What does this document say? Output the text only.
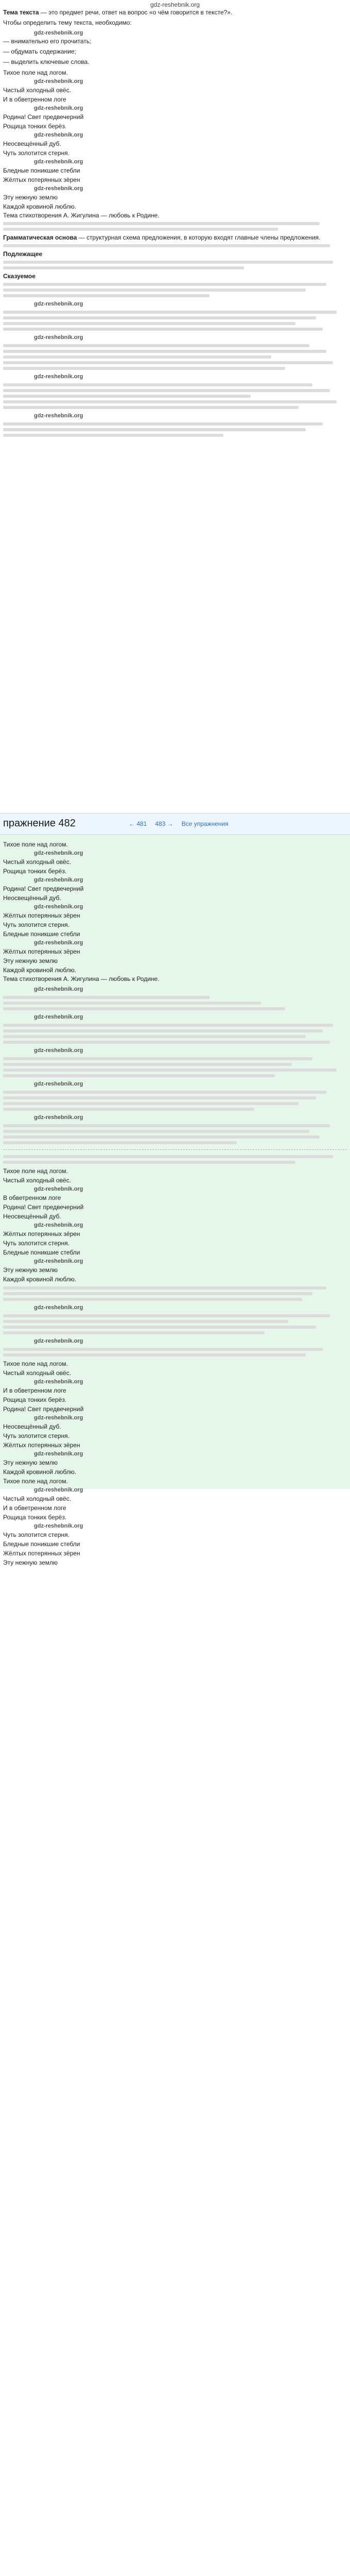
gdz-reshebnik.org

Тема текста — это предмет речи, ответ на вопрос «о чём говорится в тексте?».

Чтобы определить тему текста, необходимо:

gdz-reshebnik.org

— внимательно его прочитать;

— обдумать содержание;

— выделить ключевые слова.

Тихое поле над логом.

gdz-reshebnik.org

Чистый холодный овёс.

И в обветренном логе

gdz-reshebnik.org

Родина! Свет предвечерний

Рощица тонких берёз.

gdz-reshebnik.org

Неосвещённый дуб.

Чуть золотится стерня.

gdz-reshebnik.org

Бледные поникшие стебли

Жёлтых потерянных зёрен

gdz-reshebnik.org

Эту нежную землю

Каждой кровиной люблю.

Тема стихотворения А. Жигулина — любовь к Родине.

Грамматическая основа — структурная схема предложения, в которую входят главные члены предложения.

Подлежащее

Сказуемое

gdz-reshebnik.org
gdz-reshebnik.org
gdz-reshebnik.org
gdz-reshebnik.org
пражнение 482	← 481 483 → Все упражнения

Тихое поле над логом.

gdz-reshebnik.org

Чистый холодный овёс.

Рощица тонких берёз.

gdz-reshebnik.org

Родина! Свет предвечерний

Неосвещённый дуб.

gdz-reshebnik.org

Жёлтых потерянных зёрен

Чуть золотится стерня.

Бледные поникшие стебли

gdz-reshebnik.org

Жёлтых потерянных зёрен

Эту нежную землю

Каждой кровиной люблю.

Тема стихотворения А. Жигулина — любовь к Родине.

gdz-reshebnik.org
gdz-reshebnik.org
gdz-reshebnik.org
gdz-reshebnik.org
gdz-reshebnik.org

Тихое поле над логом.

Чистый холодный овёс.

gdz-reshebnik.org

В обветренном логе

Родина! Свет предвечерний

Неосвещённый дуб.

gdz-reshebnik.org

Жёлтых потерянных зёрен

Чуть золотится стерня.

Бледные поникшие стебли

gdz-reshebnik.org

Эту нежную землю

Каждой кровиной люблю.

gdz-reshebnik.org
gdz-reshebnik.org

Тихое поле над логом.

Чистый холодный овёс.

gdz-reshebnik.org

И в обветренном логе

Рощица тонких берёз.

Родина! Свет предвечерний

gdz-reshebnik.org

Неосвещённый дуб.

Чуть золотится стерня.

Жёлтых потерянных зёрен

gdz-reshebnik.org

Эту нежную землю

Каждой кровиной люблю.

Тихое поле над логом.

gdz-reshebnik.org

Чистый холодный овёс.

И в обветренном логе

Рощица тонких берёз.

gdz-reshebnik.org

Чуть золотится стерня.

Бледные поникшие стебли

Жёлтых потерянных зёрен

Эту нежную землю
